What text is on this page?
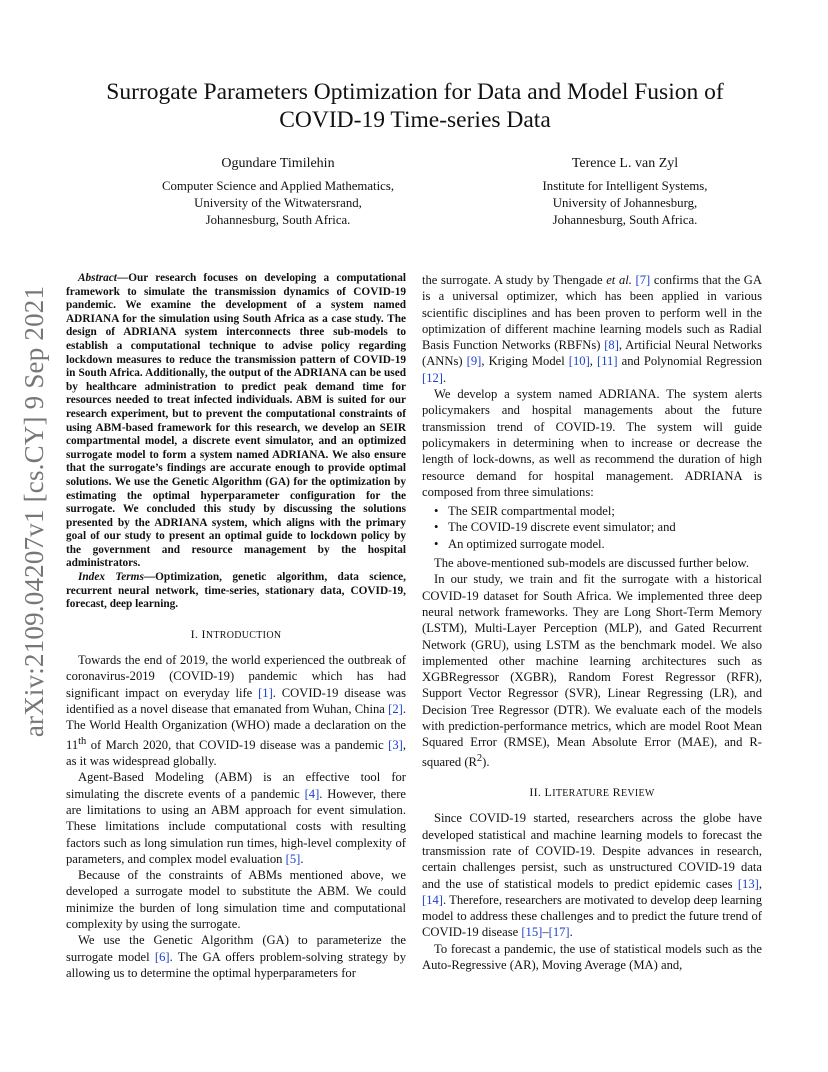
arXiv:2109.04207v1 [cs.CY] 9 Sep 2021
Surrogate Parameters Optimization for Data and Model Fusion of COVID-19 Time-series Data
Ogundare Timilehin
Computer Science and Applied Mathematics,
University of the Witwatersrand,
Johannesburg, South Africa.
Terence L. van Zyl
Institute for Intelligent Systems,
University of Johannesburg,
Johannesburg, South Africa.

Abstract—Our research focuses on developing a computational framework to simulate the transmission dynamics of COVID-19 pandemic. We examine the development of a system named ADRIANA for the simulation using South Africa as a case study. The design of ADRIANA system interconnects three sub-models to establish a computational technique to advise policy regarding lockdown measures to reduce the transmission pattern of COVID-19 in South Africa. Additionally, the output of the ADRIANA can be used by healthcare administration to predict peak demand time for resources needed to treat infected individuals. ABM is suited for our research experiment, but to prevent the computational constraints of using ABM-based framework for this research, we develop an SEIR compartmental model, a discrete event simulator, and an optimized surrogate model to form a system named ADRIANA. We also ensure that the surrogate’s findings are accurate enough to provide optimal solutions. We use the Genetic Algorithm (GA) for the optimization by estimating the optimal hyperparameter configuration for the surrogate. We concluded this study by discussing the solutions presented by the ADRIANA system, which aligns with the primary goal of our study to present an optimal guide to lockdown policy by the government and resource management by the hospital administrators.

Index Terms—Optimization, genetic algorithm, data science, recurrent neural network, time-series, stationary data, COVID-19, forecast, deep learning.

I. INTRODUCTION

Towards the end of 2019, the world experienced the outbreak of coronavirus-2019 (COVID-19) pandemic which has had significant impact on everyday life [1]. COVID-19 disease was identified as a novel disease that emanated from Wuhan, China [2]. The World Health Organization (WHO) made a declaration on the 11th of March 2020, that COVID-19 disease was a pandemic [3], as it was widespread globally.

Agent-Based Modeling (ABM) is an effective tool for simulating the discrete events of a pandemic [4]. However, there are limitations to using an ABM approach for event simulation. These limitations include computational costs with resulting factors such as long simulation run times, high-level complexity of parameters, and complex model evaluation [5].

Because of the constraints of ABMs mentioned above, we developed a surrogate model to substitute the ABM. We could minimize the burden of long simulation time and computational complexity by using the surrogate.

We use the Genetic Algorithm (GA) to parameterize the surrogate model [6]. The GA offers problem-solving strategy by allowing us to determine the optimal hyperparameters for

the surrogate. A study by Thengade et al. [7] confirms that the GA is a universal optimizer, which has been applied in various scientific disciplines and has been proven to perform well in the optimization of different machine learning models such as Radial Basis Function Networks (RBFNs) [8], Artificial Neural Networks (ANNs) [9], Kriging Model [10], [11] and Polynomial Regression [12].

We develop a system named ADRIANA. The system alerts policymakers and hospital managements about the future transmission trend of COVID-19. The system will guide policymakers in determining when to increase or decrease the length of lock-downs, as well as recommend the duration of high resource demand for hospital management. ADRIANA is composed from three simulations:

• The SEIR compartmental model;
• The COVID-19 discrete event simulator; and
• An optimized surrogate model.

The above-mentioned sub-models are discussed further below.

In our study, we train and fit the surrogate with a historical COVID-19 dataset for South Africa. We implemented three deep neural network frameworks. They are Long Short-Term Memory (LSTM), Multi-Layer Perception (MLP), and Gated Recurrent Network (GRU), using LSTM as the benchmark model. We also implemented other machine learning architectures such as XGBRegressor (XGBR), Random Forest Regressor (RFR), Support Vector Regressor (SVR), Linear Regressing (LR), and Decision Tree Regressor (DTR). We evaluate each of the models with prediction-performance metrics, which are model Root Mean Squared Error (RMSE), Mean Absolute Error (MAE), and R-squared $(R^2)$.

II. LITERATURE REVIEW

Since COVID-19 started, researchers across the globe have developed statistical and machine learning models to forecast the transmission rate of COVID-19. Despite advances in research, certain challenges persist, such as unstructured COVID-19 data and the use of statistical models to predict epidemic cases [13], [14]. Therefore, researchers are motivated to develop deep learning model to address these challenges and to predict the future trend of COVID-19 disease [15]–[17].

To forecast a pandemic, the use of statistical models such as the Auto-Regressive (AR), Moving Average (MA) and,
